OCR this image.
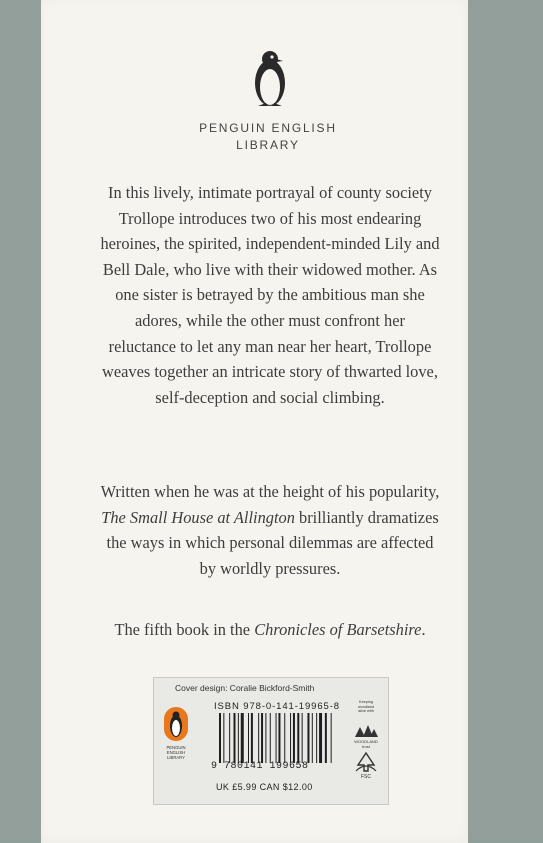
PENGUIN ENGLISH
LIBRARY

In this lively, intimate portrayal of county society Trollope introduces two of his most endearing heroines, the spirited, independent-minded Lily and Bell Dale, who live with their widowed mother. As one sister is betrayed by the ambitious man she adores, while the other must confront her reluctance to let any man near her heart, Trollope weaves together an intricate story of thwarted love, self-deception and social climbing.

Written when he was at the height of his popularity, The Small House at Allington brilliantly dramatizes the ways in which personal dilemmas are affected by worldly pressures.

The fifth book in the Chronicles of Barsetshire.

Cover design: Coralie Bickford-Smith
PENGUIN
ENGLISH
LIBRARY
ISBN 978-0-141-19965-8
9 780141 199658
UK £5.99 CAN $12.00
Keeping
woodland
alive with
WOODLAND
trust
FSC
